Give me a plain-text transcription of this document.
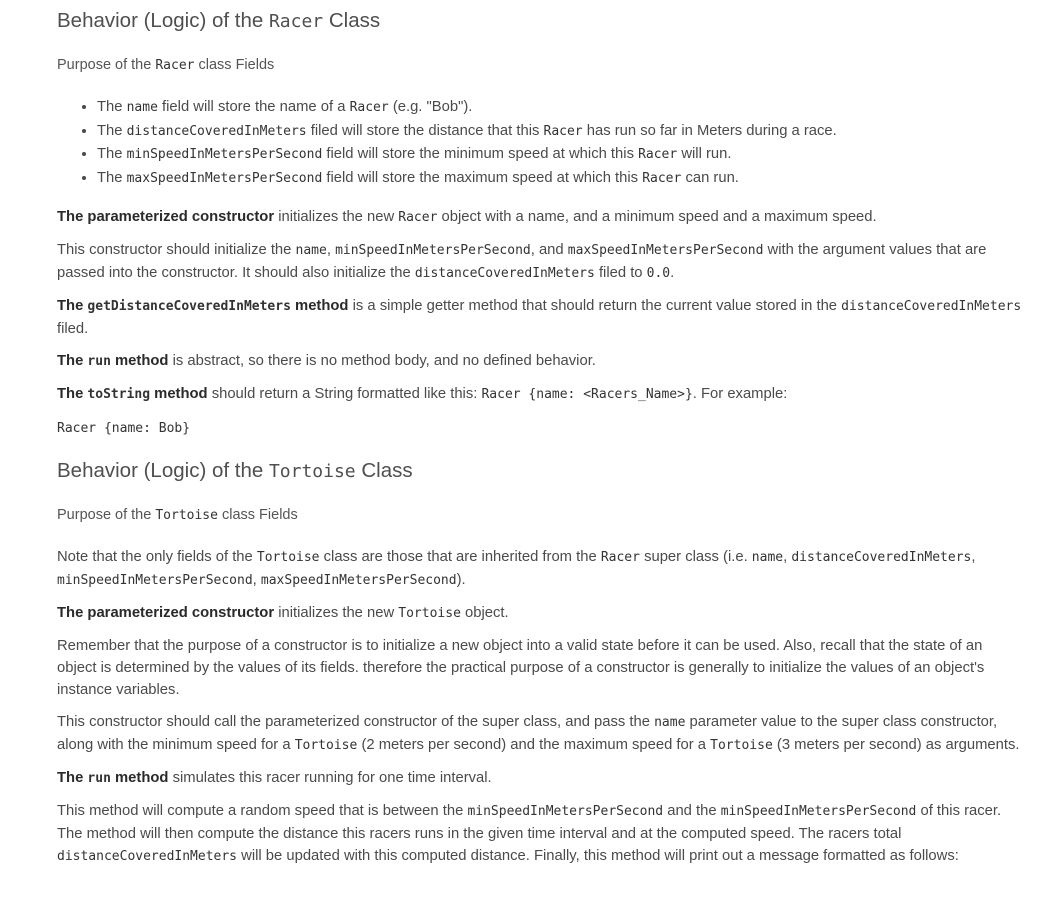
Behavior (Logic) of the Racer Class
Purpose of the Racer class Fields
• The name field will store the name of a Racer (e.g. "Bob").
• The distanceCoveredInMeters filed will store the distance that this Racer has run so far in Meters during a race.
• The minSpeedInMetersPerSecond field will store the minimum speed at which this Racer will run.
• The maxSpeedInMetersPerSecond field will store the maximum speed at which this Racer can run.

The parameterized constructor initializes the new Racer object with a name, and a minimum speed and a maximum speed.

This constructor should initialize the name, minSpeedInMetersPerSecond, and maxSpeedInMetersPerSecond with the argument values that are passed into the constructor. It should also initialize the distanceCoveredInMeters filed to 0.0.

The getDistanceCoveredInMeters method is a simple getter method that should return the current value stored in the distanceCoveredInMeters filed.

The run method is abstract, so there is no method body, and no defined behavior.

The toString method should return a String formatted like this: Racer {name: <Racers_Name>}. For example:

Racer {name: Bob}
Behavior (Logic) of the Tortoise Class
Purpose of the Tortoise class Fields

Note that the only fields of the Tortoise class are those that are inherited from the Racer super class (i.e. name, distanceCoveredInMeters, minSpeedInMetersPerSecond, maxSpeedInMetersPerSecond).

The parameterized constructor initializes the new Tortoise object.

Remember that the purpose of a constructor is to initialize a new object into a valid state before it can be used. Also, recall that the state of an object is determined by the values of its fields. therefore the practical purpose of a constructor is generally to initialize the values of an object's instance variables.

This constructor should call the parameterized constructor of the super class, and pass the name parameter value to the super class constructor, along with the minimum speed for a Tortoise (2 meters per second) and the maximum speed for a Tortoise (3 meters per second) as arguments.

The run method simulates this racer running for one time interval.

This method will compute a random speed that is between the minSpeedInMetersPerSecond and the minSpeedInMetersPerSecond of this racer. The method will then compute the distance this racers runs in the given time interval and at the computed speed. The racers total distanceCoveredInMeters will be updated with this computed distance. Finally, this method will print out a message formatted as follows:
